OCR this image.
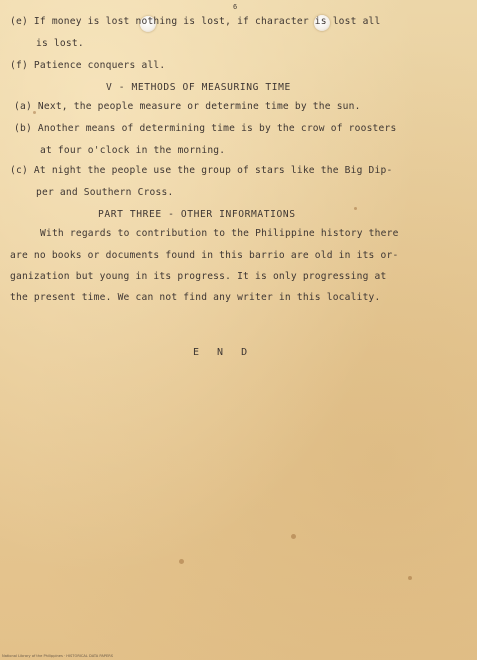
6
(e) If money is lost nothing is lost, if character is lost all
is lost.
(f) Patience conquers all.
V - METHODS OF MEASURING TIME
(a) Next, the people measure or determine time by the sun.
(b) Another means of determining time is by the crow of roosters
at four o'clock in the morning.
(c) At night the people use the group of stars like the Big Dip-
per and Southern Cross.
PART THREE - OTHER INFORMATIONS
With regards to contribution to the Philippine history there
are no books or documents found in this barrio are old in its or-
ganization but young in its progress. It is only progressing at
the present time. We can not find any writer in this locality.
E N D
National Library of the Philippines · HISTORICAL DATA PAPERS
